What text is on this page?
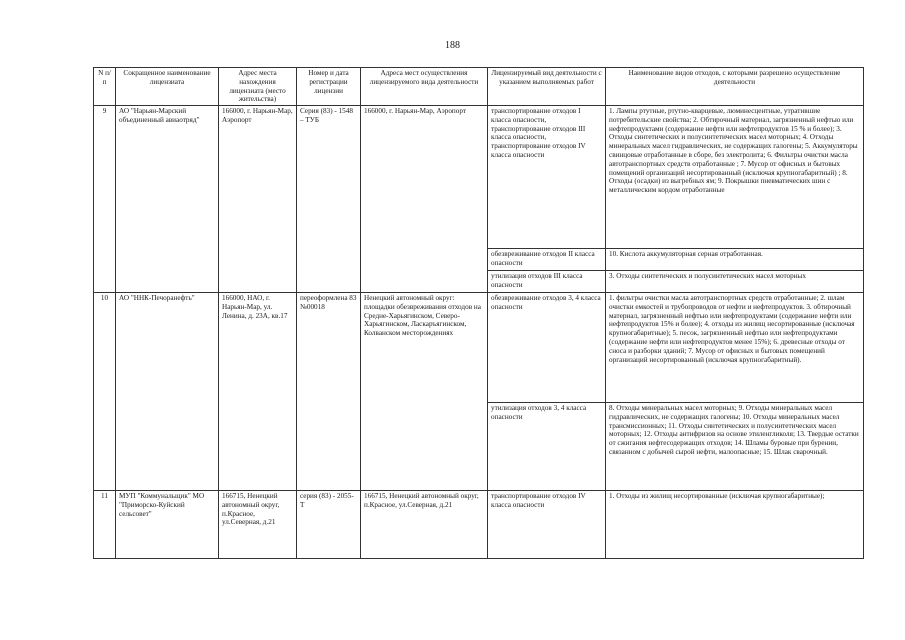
188
N п/п	Сокращенное наименование лицензиата	Адрес места нахождения лицензиата (место жительства)	Номер и дата регистрации лицензии	Адреса мест осуществления лицензируемого вида деятельности	Лицензируемый вид деятельности с указанием выполняемых работ	Наименование видов отходов, с которыми разрешено осуществление деятельности
9	АО "Нарьян-Марский объединенный авиаотряд"	166000, г. Нарьян-Мар, Аэропорт	Серия (83) - 1548 – ТУБ	166000, г. Нарьян-Мар, Аэропорт	транспортирование отходов I класса опасности, транспортирование отходов III класса опасности, транспортирование отходов IV класса опасности	1. Лампы ртутные, ртутно-кварцевые, люминесцентные, утратившие потребительские свойства; 2. Обтирочный материал, загрязненный нефтью или нефтепродуктами (содержание нефти или нефтепродуктов 15 % и более); 3. Отходы синтетических и полусинтетических масел моторных; 4. Отходы минеральных масел гидравлических, не содержащих галогены; 5. Аккумуляторы свинцовые отработанные в сборе, без электролита; 6. Фильтры очистки масла автотранспортных средств отработанные ; 7. Мусор от офисных и бытовых помещений организаций несортированный (исключая крупногабаритный) ; 8. Отходы (осадки) из выгребных ям; 9. Покрышки пневматических шин с металлическим кордом отработанные
					обезвреживание отходов II класса опасности	10. Кислота аккумуляторная серная отработанная.
					утилизация отходов III класса опасности	3. Отходы синтетических и полусинтетических масел моторных
10	АО "ННК-Печоранефть"	166000, НАО, г. Нарьян-Мар, ул. Ленина, д. 23А, кв.17	переоформлена 83 №00018	Ненецкий автономный округ: площадки обезвреживания отходов на Средне-Харьягинском, Северо-Харьягинском, Ласкаръягинском, Колванском месторождениях	обезвреживание отходов 3, 4 класса опасности	1. фильтры очистки масла автотранспортных средств отработанные; 2. шлам очистки емкостей и трубопроводов от нефти и нефтепродуктов. 3. обтирочный материал, загрязненный нефтью или нефтепродуктами (содержание нефти или нефтепродуктов 15% и более); 4. отходы из жилищ несортированные (исключая крупногабаритные); 5. песок, загрязненный нефтью или нефтепродуктами (содержание нефти или нефтепродуктов менее 15%); 6. древесные отходы от сноса и разборки зданий; 7. Мусор от офисных и бытовых помещений организаций несортированный (исключая крупногабаритный).
					утилизация отходов 3, 4 класса опасности	8. Отходы минеральных масел моторных; 9. Отходы минеральных масел гидравлических, не содержащих галогены; 10. Отходы минеральных масел трансмиссионных; 11. Отходы синтетических и полусинтетических масел моторных; 12. Отходы антифризов на основе этиленгликоля; 13. Твердые остатки от сжигания нефтесодержащих отходов; 14. Шламы буровые при бурении, связанном с добычей сырой нефти, малоопасные; 15. Шлак сварочный.
11	МУП "Коммунальщик" МО "Приморско-Куйский сельсовет"	166715, Ненецкий автономный округ, п.Красное, ул.Северная, д.21	серия (83) - 2055-Т	166715, Ненецкий автономный округ, п.Красное, ул.Северная, д.21	транспортирование отходов IV класса опасности	1. Отходы из жилищ несортированные (исключая крупногабаритные);
